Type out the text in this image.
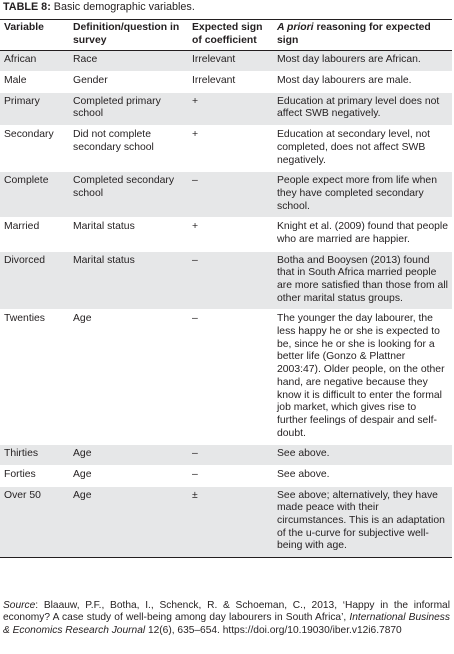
TABLE 8: Basic demographic variables.
Variable	Definition/question in survey	Expected sign of coefficient	A priori reasoning for expected sign
African	Race	Irrelevant	Most day labourers are African.
Male	Gender	Irrelevant	Most day labourers are male.
Primary	Completed primary school	+	Education at primary level does not affect SWB negatively.
Secondary	Did not complete secondary school	+	Education at secondary level, not completed, does not affect SWB negatively.
Complete	Completed secondary school	–	People expect more from life when they have completed secondary school.
Married	Marital status	+	Knight et al. (2009) found that people who are married are happier.
Divorced	Marital status	–	Botha and Booysen (2013) found that in South Africa married people are more satisfied than those from all other marital status groups.
Twenties	Age	–	The younger the day labourer, the less happy he or she is expected to be, since he or she is looking for a better life (Gonzo & Plattner 2003:47). Older people, on the other hand, are negative because they know it is difficult to enter the formal job market, which gives rise to further feelings of despair and self-doubt.
Thirties	Age	–	See above.
Forties	Age	–	See above.
Over 50	Age	±	See above; alternatively, they have made peace with their circumstances. This is an adaptation of the u-curve for subjective well-being with age.
Source: Blaauw, P.F., Botha, I., Schenck, R. & Schoeman, C., 2013, ‘Happy in the informal economy? A case study of well-being among day labourers in South Africa’, International Business & Economics Research Journal 12(6), 635–654. https://doi.org/10.19030/iber.v12i6.7870
